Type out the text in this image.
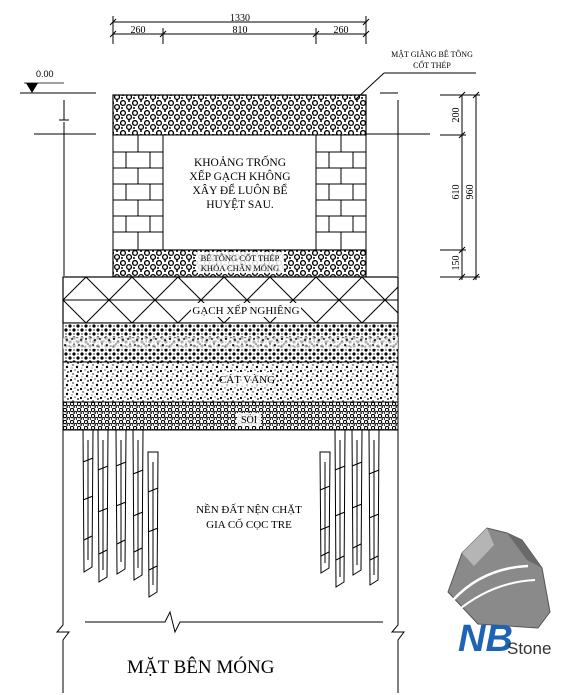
1330
260	810	260
0.00
KHOẢNG TRỐNG
XẾP GẠCH KHÔNG
XÂY ĐỂ LUÔN BỂ
HUYỆT SAU.
BÊ TÔNG CỐT THÉP
KHÓA CHÂN MÓNG
200
610 960
150
MẶT GIẰNG BÊ TÔNG
CỐT THÉP
GẠCH XẾP NGHIÊNG
CÁT VÀNG
SỎI
NỀN ĐẤT NỆN CHẶT
GIA CỐ CỌC TRE
MẶT BÊN MÓNG
NB
Stone
